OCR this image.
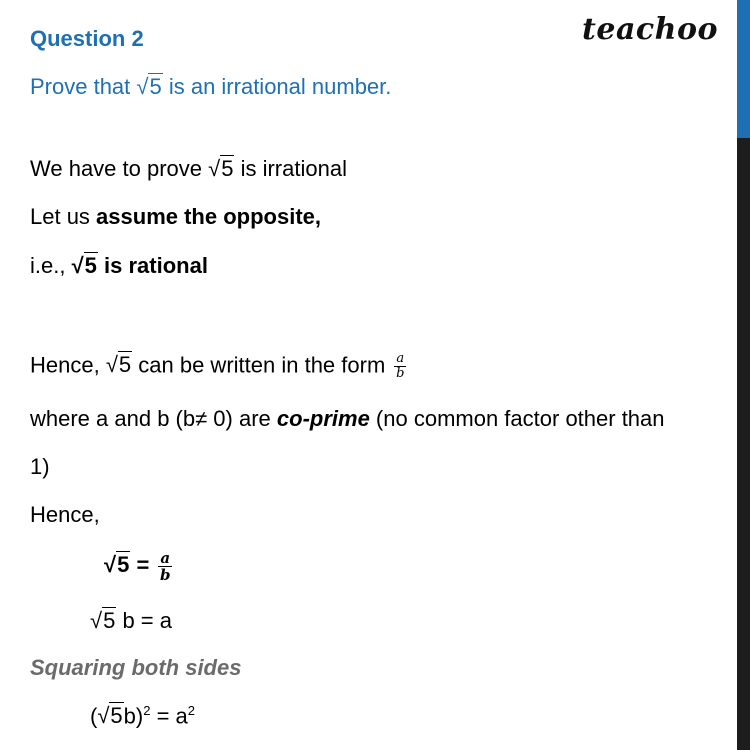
Question 2	teachoo
Prove that √5 is an irrational number.
We have to prove √5 is irrational
Let us assume the opposite,
i.e., √5 is rational
Hence, √5 can be written in the form $\frac{a}{b}$
where a and b (b≠ 0) are co-prime (no common factor other than
1)
Hence,
$√5 = \frac{a}{b}$
√5 b = a
Squaring both sides
$(√5b)^2 = a^2$
